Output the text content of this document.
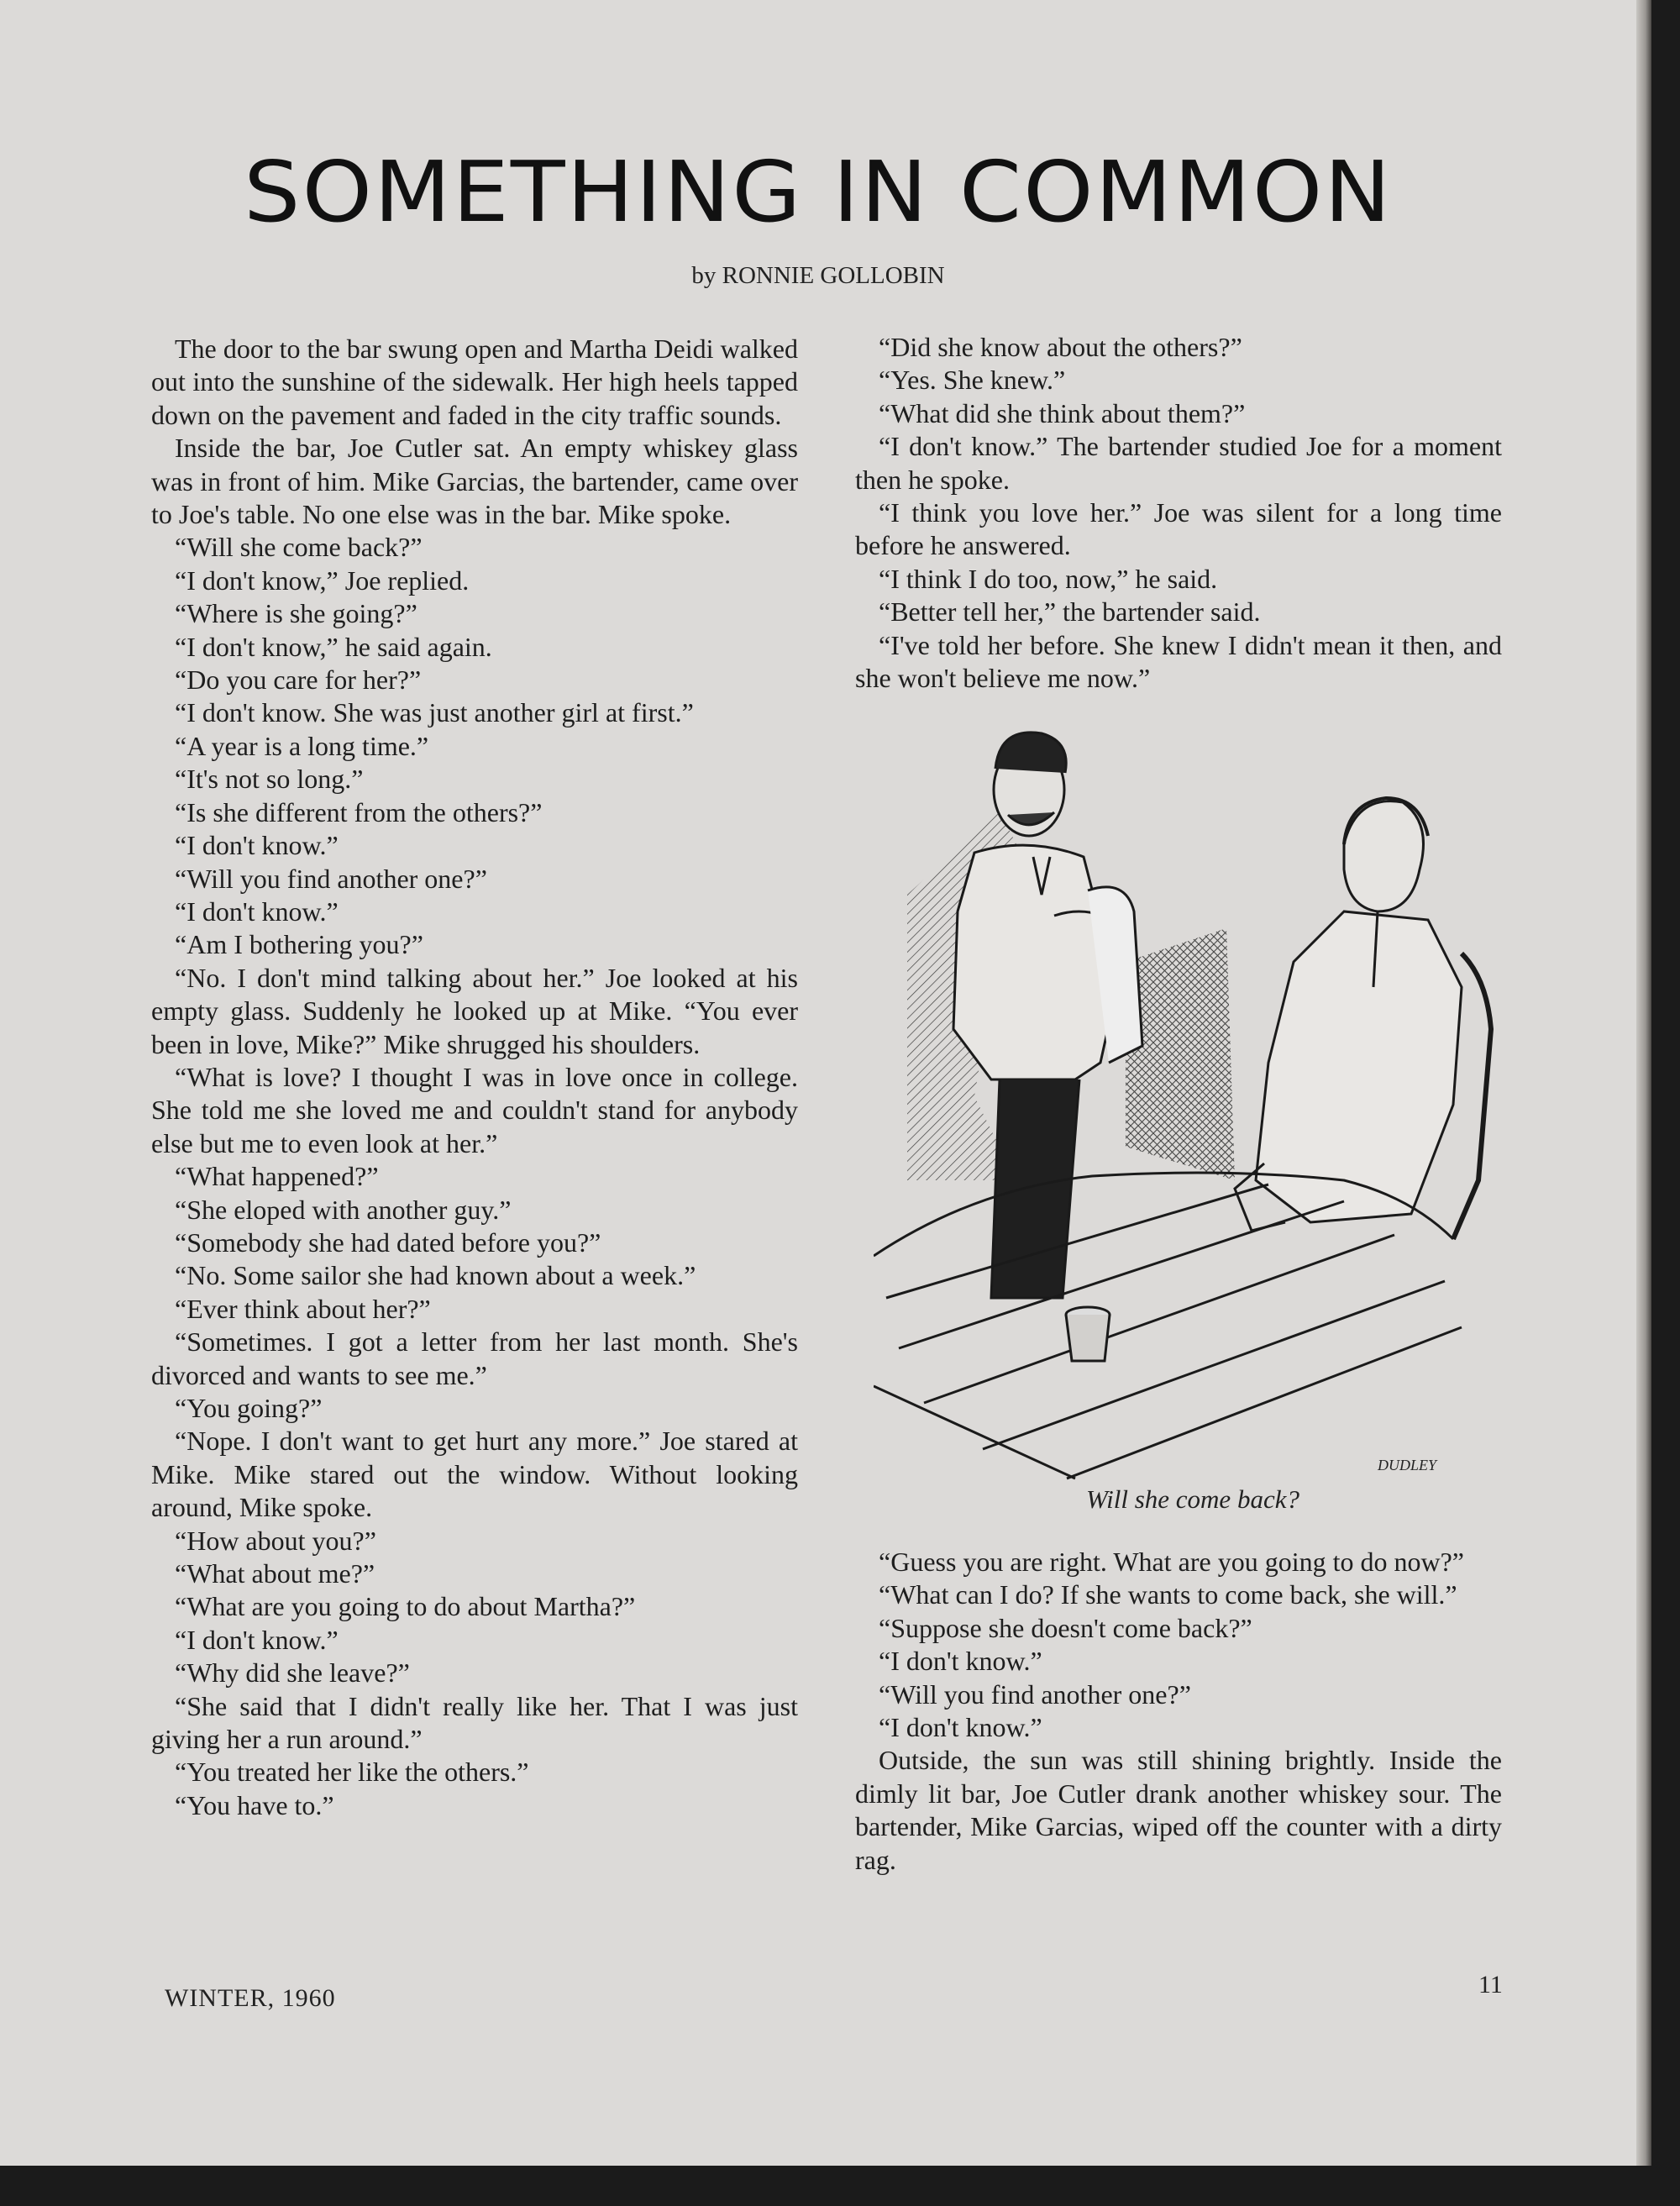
SOMETHING IN COMMON
by RONNIE GOLLOBIN

The door to the bar swung open and Martha Deidi walked out into the sunshine of the sidewalk. Her high heels tapped down on the pavement and faded in the city traffic sounds.

Inside the bar, Joe Cutler sat. An empty whiskey glass was in front of him. Mike Garcias, the bartender, came over to Joe's table. No one else was in the bar. Mike spoke.

“Will she come back?”

“I don't know,” Joe replied.

“Where is she going?”

“I don't know,” he said again.

“Do you care for her?”

“I don't know. She was just another girl at first.”

“A year is a long time.”

“It's not so long.”

“Is she different from the others?”

“I don't know.”

“Will you find another one?”

“I don't know.”

“Am I bothering you?”

“No. I don't mind talking about her.” Joe looked at his empty glass. Suddenly he looked up at Mike. “You ever been in love, Mike?” Mike shrugged his shoulders.

“What is love? I thought I was in love once in college. She told me she loved me and couldn't stand for anybody else but me to even look at her.”

“What happened?”

“She eloped with another guy.”

“Somebody she had dated before you?”

“No. Some sailor she had known about a week.”

“Ever think about her?”

“Sometimes. I got a letter from her last month. She's divorced and wants to see me.”

“You going?”

“Nope. I don't want to get hurt any more.” Joe stared at Mike. Mike stared out the window. Without looking around, Mike spoke.

“How about you?”

“What about me?”

“What are you going to do about Martha?”

“I don't know.”

“Why did she leave?”

“She said that I didn't really like her. That I was just giving her a run around.”

“You treated her like the others.”

“You have to.”

“Did she know about the others?”

“Yes. She knew.”

“What did she think about them?”

“I don't know.” The bartender studied Joe for a moment then he spoke.

“I think you love her.” Joe was silent for a long time before he answered.

“I think I do too, now,” he said.

“Better tell her,” the bartender said.

“I've told her before. She knew I didn't mean it then, and she won't believe me now.”

DUDLEY
Will she come back?

“Guess you are right. What are you going to do now?”

“What can I do? If she wants to come back, she will.”

“Suppose she doesn't come back?”

“I don't know.”

“Will you find another one?”

“I don't know.”

Outside, the sun was still shining brightly. Inside the dimly lit bar, Joe Cutler drank another whiskey sour. The bartender, Mike Garcias, wiped off the counter with a dirty rag.

WINTER, 1960	11
